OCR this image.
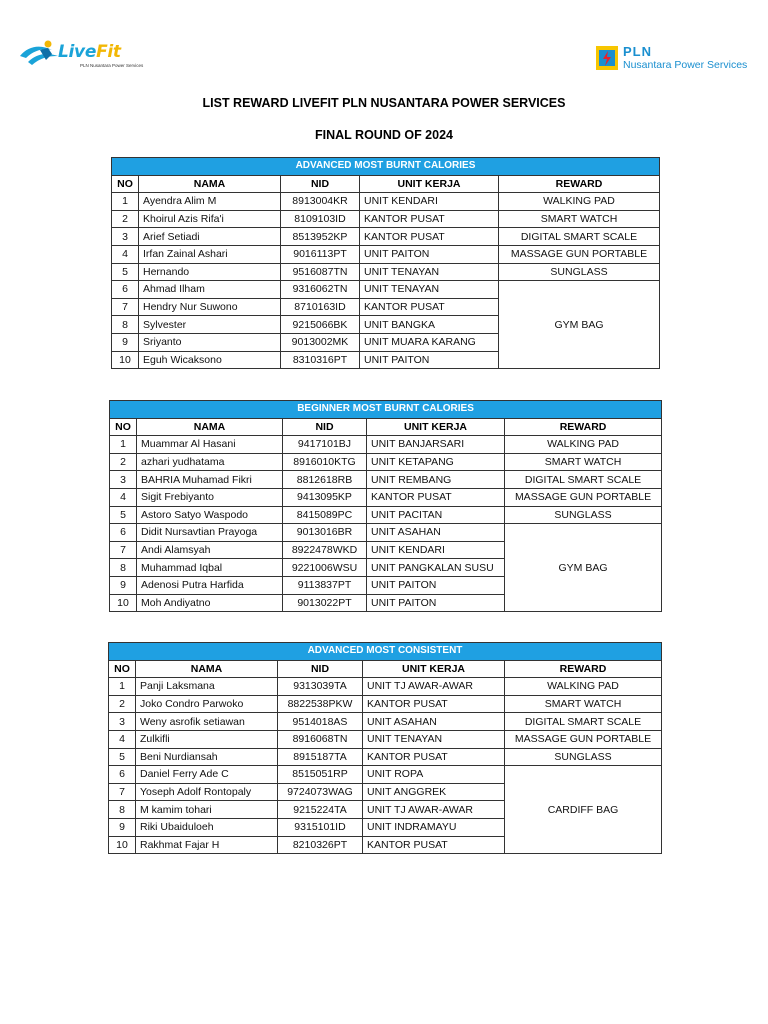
LiveFit
PLN Nusantara Power Services
PLN
Nusantara Power Services
LIST REWARD LIVEFIT PLN NUSANTARA POWER SERVICES
FINAL ROUND OF 2024
ADVANCED MOST BURNT CALORIES				
NO	NAMA	NID	UNIT KERJA	REWARD
1	Ayendra Alim M	8913004KR	UNIT KENDARI	WALKING PAD
2	Khoirul Azis Rifa'i	8109103ID	KANTOR PUSAT	SMART WATCH
3	Arief Setiadi	8513952KP	KANTOR PUSAT	DIGITAL SMART SCALE
4	Irfan Zainal Ashari	9016113PT	UNIT PAITON	MASSAGE GUN PORTABLE
5	Hernando	9516087TN	UNIT TENAYAN	SUNGLASS
6	Ahmad Ilham	9316062TN	UNIT TENAYAN	GYM BAG
7	Hendry Nur Suwono	8710163ID	KANTOR PUSAT	
8	Sylvester	9215066BK	UNIT BANGKA	
9	Sriyanto	9013002MK	UNIT MUARA KARANG	
10	Eguh Wicaksono	8310316PT	UNIT PAITON	
BEGINNER MOST BURNT CALORIES				
NO	NAMA	NID	UNIT KERJA	REWARD
1	Muammar Al Hasani	9417101BJ	UNIT BANJARSARI	WALKING PAD
2	azhari yudhatama	8916010KTG	UNIT KETAPANG	SMART WATCH
3	BAHRIA Muhamad Fikri	8812618RB	UNIT REMBANG	DIGITAL SMART SCALE
4	Sigit Frebiyanto	9413095KP	KANTOR PUSAT	MASSAGE GUN PORTABLE
5	Astoro Satyo Waspodo	8415089PC	UNIT PACITAN	SUNGLASS
6	Didit Nursavtian Prayoga	9013016BR	UNIT ASAHAN	GYM BAG
7	Andi Alamsyah	8922478WKD	UNIT KENDARI	
8	Muhammad Iqbal	9221006WSU	UNIT PANGKALAN SUSU	
9	Adenosi Putra Harfida	9113837PT	UNIT PAITON	
10	Moh Andiyatno	9013022PT	UNIT PAITON	
ADVANCED MOST CONSISTENT				
NO	NAMA	NID	UNIT KERJA	REWARD
1	Panji Laksmana	9313039TA	UNIT TJ AWAR-AWAR	WALKING PAD
2	Joko Condro Parwoko	8822538PKW	KANTOR PUSAT	SMART WATCH
3	Weny asrofik setiawan	9514018AS	UNIT ASAHAN	DIGITAL SMART SCALE
4	Zulkifli	8916068TN	UNIT TENAYAN	MASSAGE GUN PORTABLE
5	Beni Nurdiansah	8915187TA	KANTOR PUSAT	SUNGLASS
6	Daniel Ferry Ade C	8515051RP	UNIT ROPA	CARDIFF BAG
7	Yoseph Adolf Rontopaly	9724073WAG	UNIT ANGGREK	
8	M kamim tohari	9215224TA	UNIT TJ AWAR-AWAR	
9	Riki Ubaiduloeh	9315101ID	UNIT INDRAMAYU	
10	Rakhmat Fajar H	8210326PT	KANTOR PUSAT	
